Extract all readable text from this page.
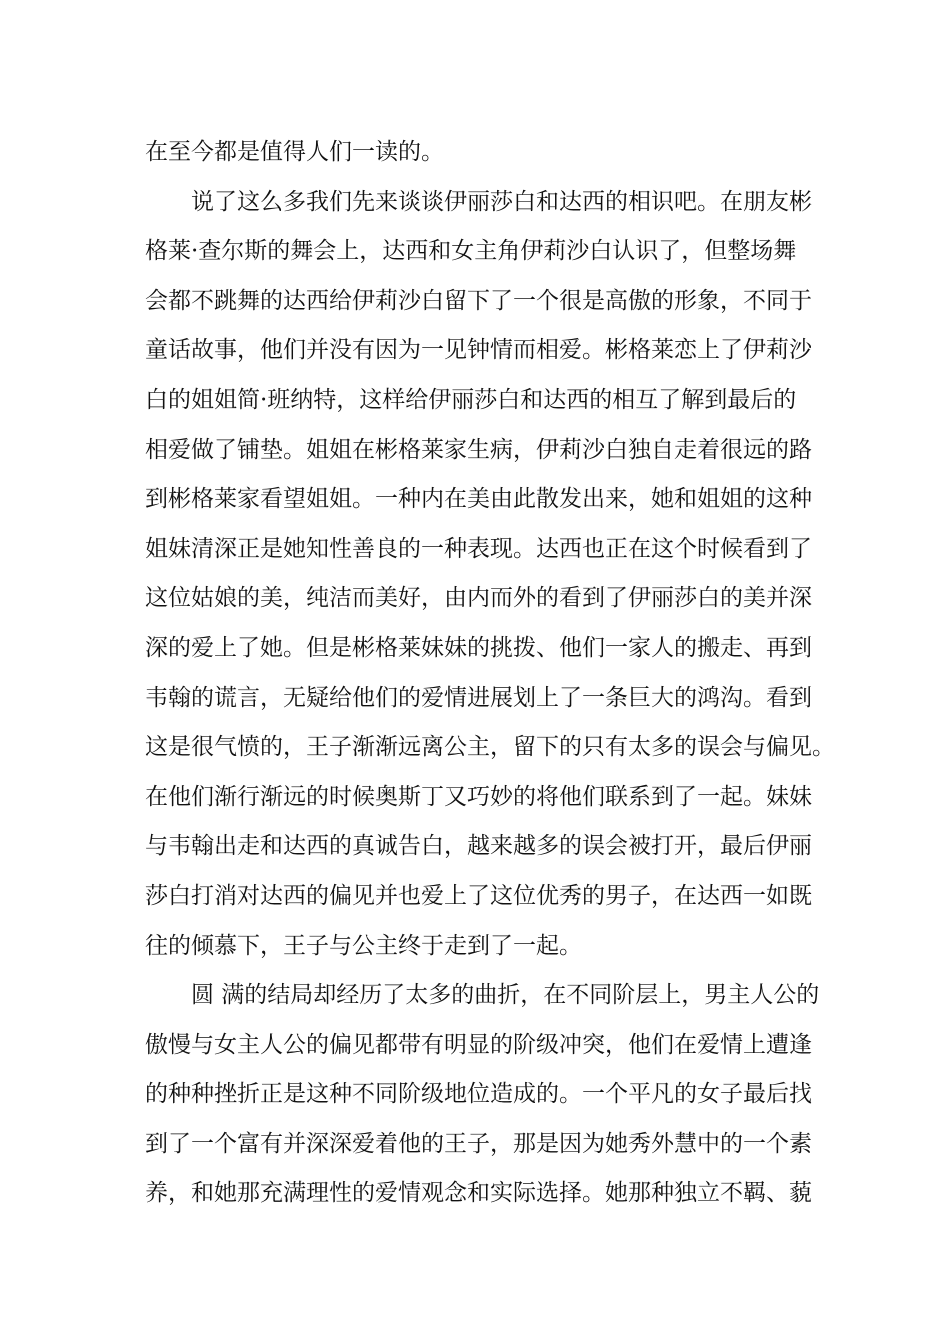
在至今都是值得人们一读的。
说了这么多我们先来谈谈伊丽莎白和达西的相识吧。在朋友彬
格莱·查尔斯的舞会上，达西和女主角伊莉沙白认识了，但整场舞
会都不跳舞的达西给伊莉沙白留下了一个很是高傲的形象，不同于
童话故事，他们并没有因为一见钟情而相爱。彬格莱恋上了伊莉沙
白的姐姐简·班纳特，这样给伊丽莎白和达西的相互了解到最后的
相爱做了铺垫。姐姐在彬格莱家生病，伊莉沙白独自走着很远的路
到彬格莱家看望姐姐。一种内在美由此散发出来，她和姐姐的这种
姐妹清深正是她知性善良的一种表现。达西也正在这个时候看到了
这位姑娘的美，纯洁而美好，由内而外的看到了伊丽莎白的美并深
深的爱上了她。但是彬格莱妹妹的挑拨、他们一家人的搬走、再到
韦翰的谎言，无疑给他们的爱情进展划上了一条巨大的鸿沟。看到
这是很气愤的，王子渐渐远离公主，留下的只有太多的误会与偏见。
在他们渐行渐远的时候奥斯丁又巧妙的将他们联系到了一起。妹妹
与韦翰出走和达西的真诚告白，越来越多的误会被打开，最后伊丽
莎白打消对达西的偏见并也爱上了这位优秀的男子，在达西一如既
往的倾慕下，王子与公主终于走到了一起。
圆 满的结局却经历了太多的曲折，在不同阶层上，男主人公的
傲慢与女主人公的偏见都带有明显的阶级冲突，他们在爱情上遭逢
的种种挫折正是这种不同阶级地位造成的。一个平凡的女子最后找
到了一个富有并深深爱着他的王子，那是因为她秀外慧中的一个素
养，和她那充满理性的爱情观念和实际选择。她那种独立不羁、藐
